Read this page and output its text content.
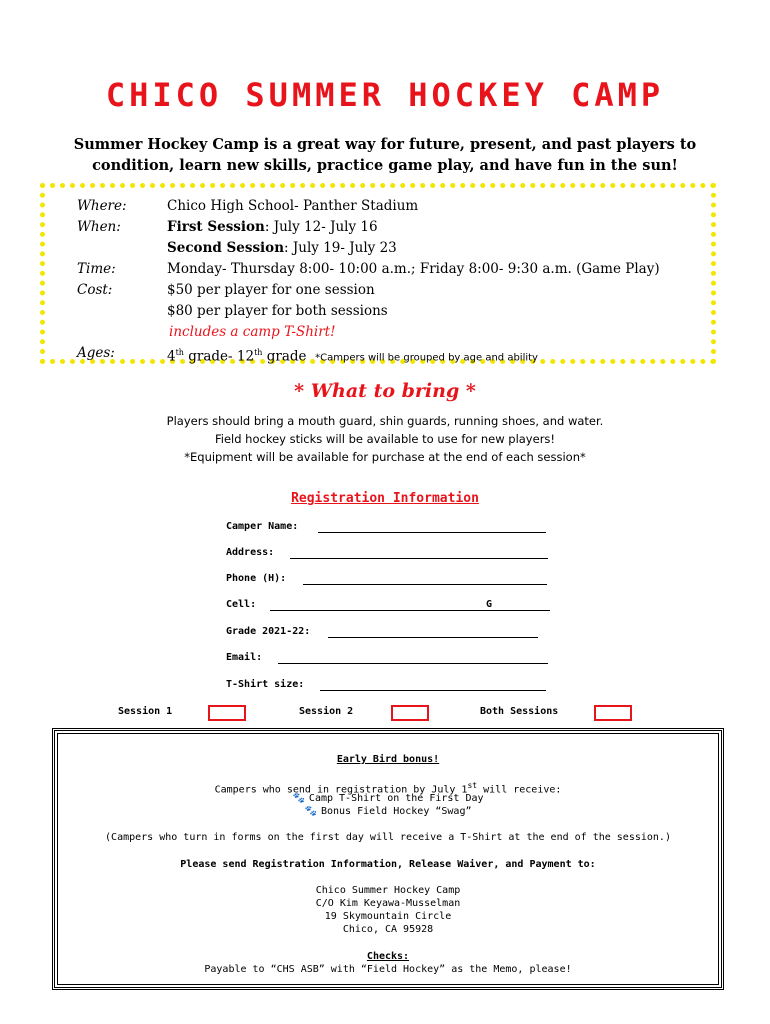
CHICO SUMMER HOCKEY CAMP
Summer Hockey Camp is a great way for future, present, and past players to
condition, learn new skills, practice game play, and have fun in the sun!
Where:	Chico High School- Panther Stadium
When:	First Session: July 12- July 16
Second Session: July 19- July 23
Time:	Monday- Thursday 8:00- 10:00 a.m.; Friday 8:00- 9:30 a.m. (Game Play)
Cost:	$50 per player for one session
$80 per player for both sessions
includes a camp T-Shirt!
Ages:	4th grade- 12th grade *Campers will be grouped by age and ability
* What to bring *
Players should bring a mouth guard, shin guards, running shoes, and water.
Field hockey sticks will be available to use for new players!
*Equipment will be available for purchase at the end of each session*
Registration Information
Camper Name:
Address:
Phone (H):
Cell:	G
Grade 2021-22:
Email:
T-Shirt size:
Session 1	Session 2	Both Sessions
Early Bird bonus!
Campers who send in registration by July 1st will receive:
🐾 Camp T-Shirt on the First Day
🐾 Bonus Field Hockey “Swag”
(Campers who turn in forms on the first day will receive a T-Shirt at the end of the session.)
Please send Registration Information, Release Waiver, and Payment to:
Chico Summer Hockey Camp
C/O Kim Keyawa-Musselman
19 Skymountain Circle
Chico, CA 95928
Checks:
Payable to “CHS ASB” with “Field Hockey” as the Memo, please!
